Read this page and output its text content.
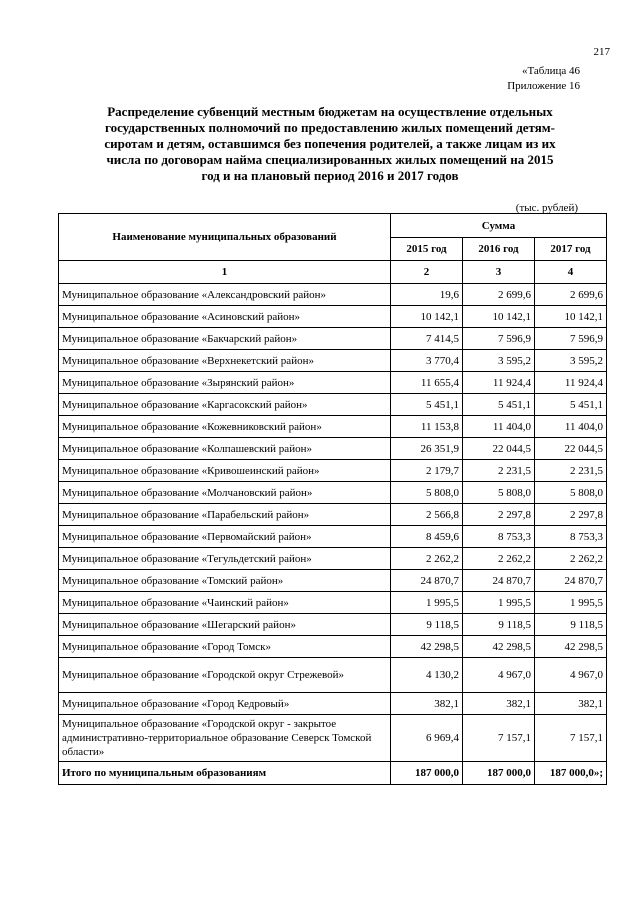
217
«Таблица 46
Приложение 16
Распределение субвенций местным бюджетам на осуществление отдельных
государственных полномочий по предоставлению жилых помещений детям-
сиротам и детям, оставшимся без попечения родителей, а также лицам из их
числа по договорам найма специализированных жилых помещений на 2015
год и на плановый период 2016 и 2017 годов
(тыс. рублей)
Наименование муниципальных образований	Сумма		
	2015 год	2016 год	2017 год
1	2	3	4
Муниципальное образование «Александровский район»	19,6	2 699,6	2 699,6
Муниципальное образование «Асиновский район»	10 142,1	10 142,1	10 142,1
Муниципальное образование «Бакчарский район»	7 414,5	7 596,9	7 596,9
Муниципальное образование «Верхнекетский район»	3 770,4	3 595,2	3 595,2
Муниципальное образование «Зырянский район»	11 655,4	11 924,4	11 924,4
Муниципальное образование «Каргасокский район»	5 451,1	5 451,1	5 451,1
Муниципальное образование «Кожевниковский район»	11 153,8	11 404,0	11 404,0
Муниципальное образование «Колпашевский район»	26 351,9	22 044,5	22 044,5
Муниципальное образование «Кривошеинский район»	2 179,7	2 231,5	2 231,5
Муниципальное образование «Молчановский район»	5 808,0	5 808,0	5 808,0
Муниципальное образование «Парабельский район»	2 566,8	2 297,8	2 297,8
Муниципальное образование «Первомайский район»	8 459,6	8 753,3	8 753,3
Муниципальное образование «Тегульдетский район»	2 262,2	2 262,2	2 262,2
Муниципальное образование «Томский район»	24 870,7	24 870,7	24 870,7
Муниципальное образование «Чаинский район»	1 995,5	1 995,5	1 995,5
Муниципальное образование «Шегарский район»	9 118,5	9 118,5	9 118,5
Муниципальное образование «Город Томск»	42 298,5	42 298,5	42 298,5
Муниципальное образование «Городской округ Стрежевой»	4 130,2	4 967,0	4 967,0
Муниципальное образование «Город Кедровый»	382,1	382,1	382,1
Муниципальное образование «Городской округ - закрытое административно-территориальное образование Северск Томской области»	6 969,4	7 157,1	7 157,1
Итого по муниципальным образованиям	187 000,0	187 000,0	187 000,0»;
